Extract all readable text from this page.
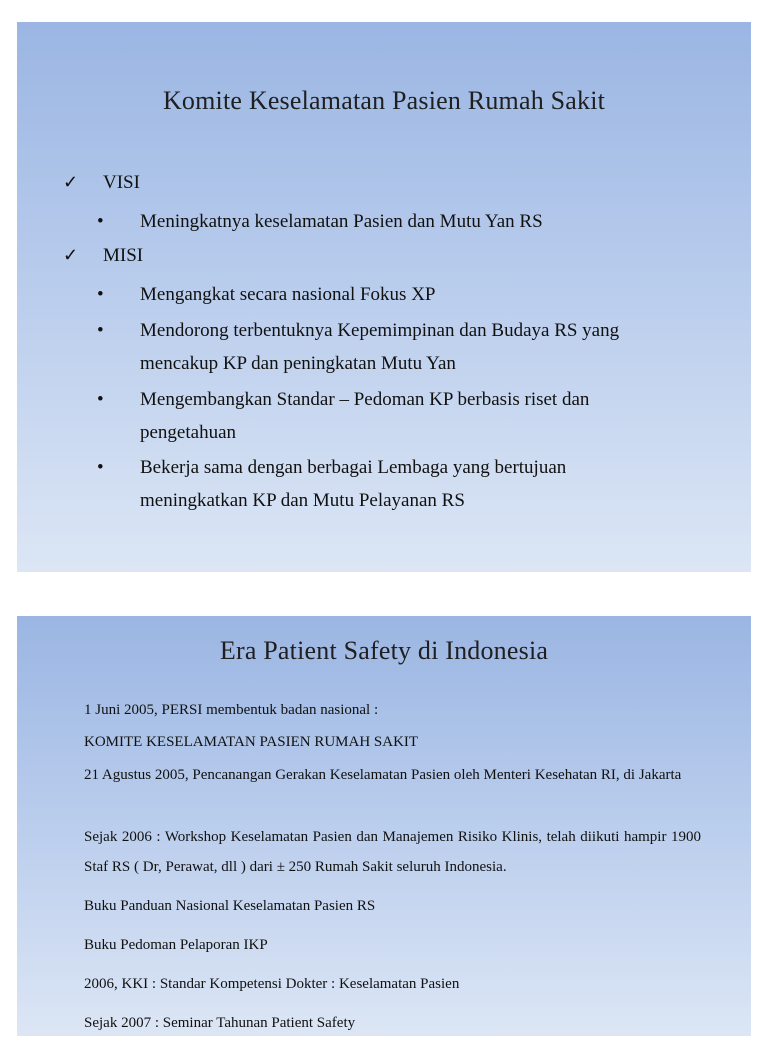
Komite Keselamatan Pasien Rumah Sakit
✓	VISI
•	Meningkatnya keselamatan Pasien dan Mutu Yan RS
✓	MISI
•	Mengangkat secara nasional Fokus XP
•	Mendorong terbentuknya Kepemimpinan dan Budaya RS yang mencakup KP dan peningkatan Mutu Yan
•	Mengembangkan Standar – Pedoman KP berbasis riset dan pengetahuan
•	Bekerja sama dengan berbagai Lembaga yang bertujuan meningkatkan KP dan Mutu Pelayanan RS
Era Patient Safety di Indonesia
1 Juni 2005, PERSI membentuk badan nasional :
KOMITE KESELAMATAN PASIEN RUMAH SAKIT
21 Agustus 2005, Pencanangan Gerakan Keselamatan Pasien oleh Menteri Kesehatan RI, di Jakarta
Sejak 2006 : Workshop Keselamatan Pasien dan Manajemen Risiko Klinis, telah diikuti hampir 1900 Staf RS ( Dr, Perawat, dll ) dari ± 250 Rumah Sakit seluruh Indonesia.
Buku Panduan Nasional Keselamatan Pasien RS
Buku Pedoman Pelaporan IKP
2006, KKI : Standar Kompetensi Dokter : Keselamatan Pasien
Sejak 2007 : Seminar Tahunan Patient Safety
